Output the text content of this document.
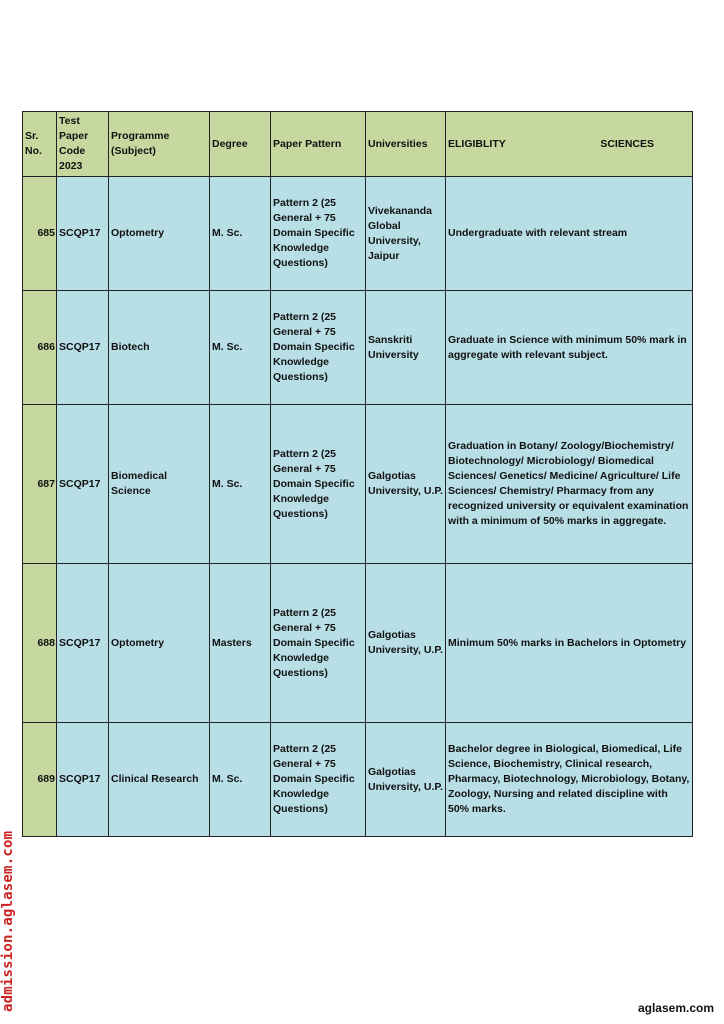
Sr. No.	Test Paper Code 2023	Programme (Subject)	Degree	Paper Pattern	Universities	ELIGIBLITY SCIENCES

685	SCQP17	Optometry	M. Sc.	Pattern 2 (25 General + 75 Domain Specific Knowledge Questions)	Vivekananda Global University, Jaipur	Undergraduate with relevant stream
686	SCQP17	Biotech	M. Sc.	Pattern 2 (25 General + 75 Domain Specific Knowledge Questions)	Sanskriti University	Graduate in Science with minimum 50% mark in aggregate with relevant subject.
687	SCQP17	Biomedical Science	M. Sc.	Pattern 2 (25 General + 75 Domain Specific Knowledge Questions)	Galgotias University, U.P.	Graduation in Botany/ Zoology/Biochemistry/ Biotechnology/ Microbiology/ Biomedical Sciences/ Genetics/ Medicine/ Agriculture/ Life Sciences/ Chemistry/ Pharmacy from any recognized university or equivalent examination with a minimum of 50% marks in aggregate.
688	SCQP17	Optometry	Masters	Pattern 2 (25 General + 75 Domain Specific Knowledge Questions)	Galgotias University, U.P.	Minimum 50% marks in Bachelors in Optometry
689	SCQP17	Clinical Research	M. Sc.	Pattern 2 (25 General + 75 Domain Specific Knowledge Questions)	Galgotias University, U.P.	Bachelor degree in Biological, Biomedical, Life Science, Biochemistry, Clinical research, Pharmacy, Biotechnology, Microbiology, Botany, Zoology, Nursing and related discipline with 50% marks.
admission.aglasem.com	aglasem.com
